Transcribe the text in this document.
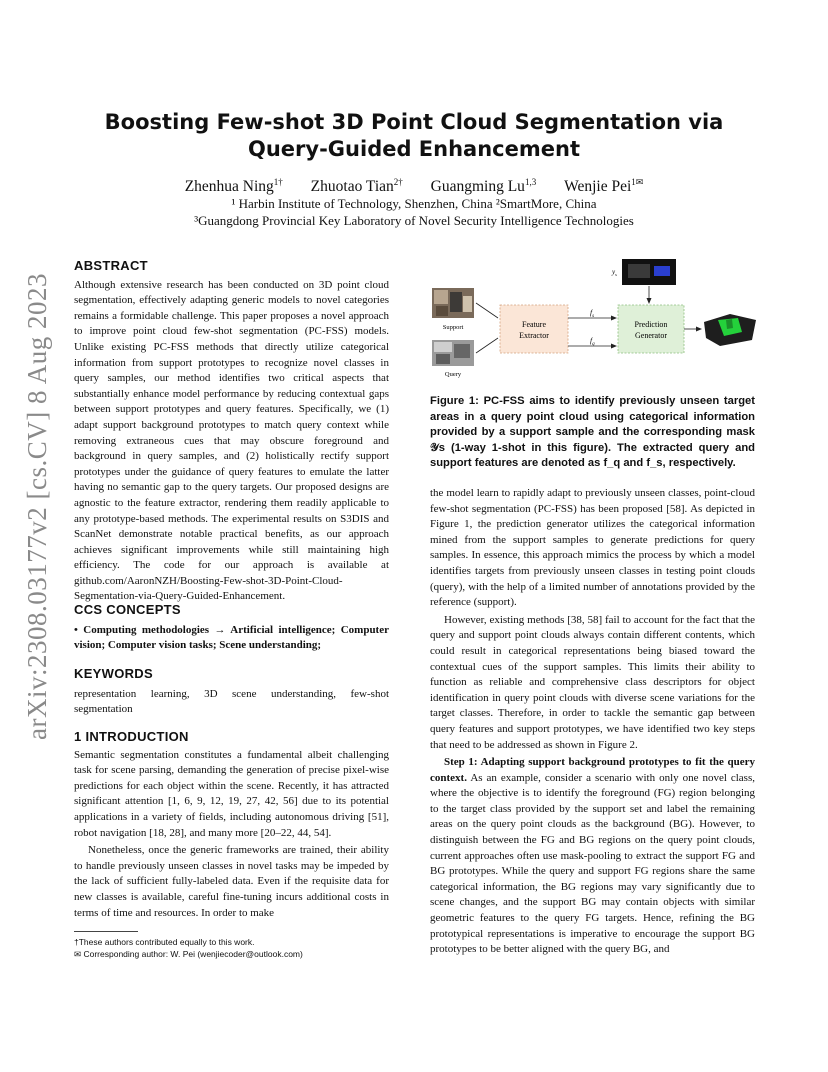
arXiv:2308.03177v2 [cs.CV] 8 Aug 2023
Boosting Few-shot 3D Point Cloud Segmentation via
Query-Guided Enhancement
Zhenhua Ning$^{1\dagger}$ Zhuotao Tian$^{2\dagger}$ Guangming Lu$^{1,3}$ Wenjie Pei$^{1✉}$
¹ Harbin Institute of Technology, Shenzhen, China ²SmartMore, China
³Guangdong Provincial Key Laboratory of Novel Security Intelligence Technologies
ABSTRACT

Although extensive research has been conducted on 3D point cloud segmentation, effectively adapting generic models to novel categories remains a formidable challenge. This paper proposes a novel approach to improve point cloud few-shot segmentation (PC-FSS) models. Unlike existing PC-FSS methods that directly utilize categorical information from support prototypes to recognize novel classes in query samples, our method identifies two critical aspects that substantially enhance model performance by reducing contextual gaps between support prototypes and query features. Specifically, we (1) adapt support background prototypes to match query context while removing extraneous cues that may obscure foreground and background in query samples, and (2) holistically rectify support prototypes under the guidance of query features to emulate the latter having no semantic gap to the query targets. Our proposed designs are agnostic to the feature extractor, rendering them readily applicable to any prototype-based methods. The experimental results on S3DIS and ScanNet demonstrate notable practical benefits, as our approach achieves significant improvements while still maintaining high efficiency. The code for our approach is available at github.com/AaronNZH/Boosting-Few-shot-3D-Point-Cloud-Segmentation-via-Query-Guided-Enhancement.

CCS CONCEPTS

• Computing methodologies → Artificial intelligence; Computer vision; Computer vision tasks; Scene understanding;

KEYWORDS

representation learning, 3D scene understanding, few-shot segmentation

1 INTRODUCTION

Semantic segmentation constitutes a fundamental albeit challenging task for scene parsing, demanding the generation of precise pixel-wise predictions for each object within the scene. Recently, it has attracted significant attention [1, 6, 9, 12, 19, 27, 42, 56] due to its potential applications in a variety of fields, including autonomous driving [51], robot navigation [18, 28], and many more [20–22, 44, 54].

Nonetheless, once the generic frameworks are trained, their ability to handle previously unseen classes in novel tasks may be impeded by the lack of sufficient fully-labeled data. Even if the requisite data for new classes is available, careful fine-tuning incurs additional costs in terms of time and resources. In order to make

†These authors contributed equally to this work.
✉ Corresponding author: W. Pei (wenjiecoder@outlook.com)
Support
Query
Feature
Extractor
$f_s$
$f_q$
$y_s$
Prediction
Generator
Figure 1: PC-FSS aims to identify previously unseen target areas in a query point cloud using categorical information provided by a support sample and the corresponding mask 𝒴s (1-way 1-shot in this figure). The extracted query and support features are denoted as f_q and f_s, respectively.

the model learn to rapidly adapt to previously unseen classes, point-cloud few-shot segmentation (PC-FSS) has been proposed [58]. As depicted in Figure 1, the prediction generator utilizes the categorical information mined from the support samples to generate predictions for query samples. In essence, this approach mimics the process by which a model identifies targets from previously unseen classes in testing point clouds (query), with the help of a limited number of annotations provided by the reference (support).

However, existing methods [38, 58] fail to account for the fact that the query and support point clouds always contain different contents, which could result in categorical representations being biased toward the contextual cues of the support samples. This limits their ability to function as reliable and comprehensive class descriptors for object identification in query point clouds with diverse scene variations for the target classes. Therefore, in order to tackle the semantic gap between query features and support prototypes, we have identified two key steps that need to be addressed as shown in Figure 2.

Step 1: Adapting support background prototypes to fit the query context. As an example, consider a scenario with only one novel class, where the objective is to identify the foreground (FG) region belonging to the target class provided by the support set and label the remaining areas on the query point clouds as the background (BG). However, to distinguish between the FG and BG regions on the query point clouds, current approaches often use mask-pooling to extract the support FG and BG prototypes. While the query and support FG regions share the same categorical information, the BG regions may vary significantly due to scene changes, and the support BG may contain objects with similar geometric features to the query FG targets. Hence, refining the BG prototypical representations is imperative to encourage the support BG prototypes to be better aligned with the query BG, and
